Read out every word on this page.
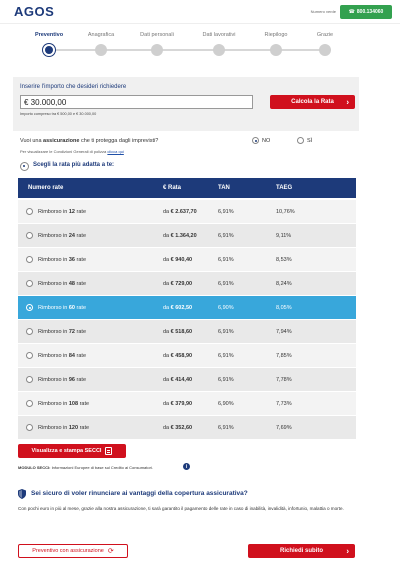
AGOS	Numero verde	☎ 800.134060
Preventivo	Anagrafica	Dati personali	Dati lavorativi	Riepilogo	Grazie
Inserire l'importo che desideri richiedere
€ 30.000,00
Importo compreso tra € 500,00 e € 30.000,00
Calcola la Rata ›
Vuoi una assicurazione che ti protegga dagli imprevisti?
Per visualizzare le Condizioni Generali di polizza clicca qui
NO	SÌ
Scegli la rata più adatta a te:
Numero rate	€ Rata	TAN	TAEG
Rimborso in 12 rate	da € 2.637,70	6,91%	10,76%
Rimborso in 24 rate	da € 1.364,20	6,91%	9,11%
Rimborso in 36 rate	da € 940,40	6,91%	8,53%
Rimborso in 48 rate	da € 729,00	6,91%	8,24%
Rimborso in 60 rate	da € 602,50	6,90%	8,05%
Rimborso in 72 rate	da € 518,60	6,91%	7,94%
Rimborso in 84 rate	da € 458,90	6,91%	7,85%
Rimborso in 96 rate	da € 414,40	6,91%	7,78%
Rimborso in 108 rate	da € 379,90	6,90%	7,73%
Rimborso in 120 rate	da € 352,60	6,91%	7,69%
Visualizza e stampa SECCI
MODULO SECCI: Informazioni Europee di base sul Credito ai Consumatori.	i
Sei sicuro di voler rinunciare ai vantaggi della copertura assicurativa?
Con pochi euro in più al mese, grazie alla nostra assicurazione, ti sarà garantito il pagamento delle rate in caso di inabilità, invalidità, infortunio, malattia o morte.
Preventivo con assicurazione ⟳	Richiedi subito	›
